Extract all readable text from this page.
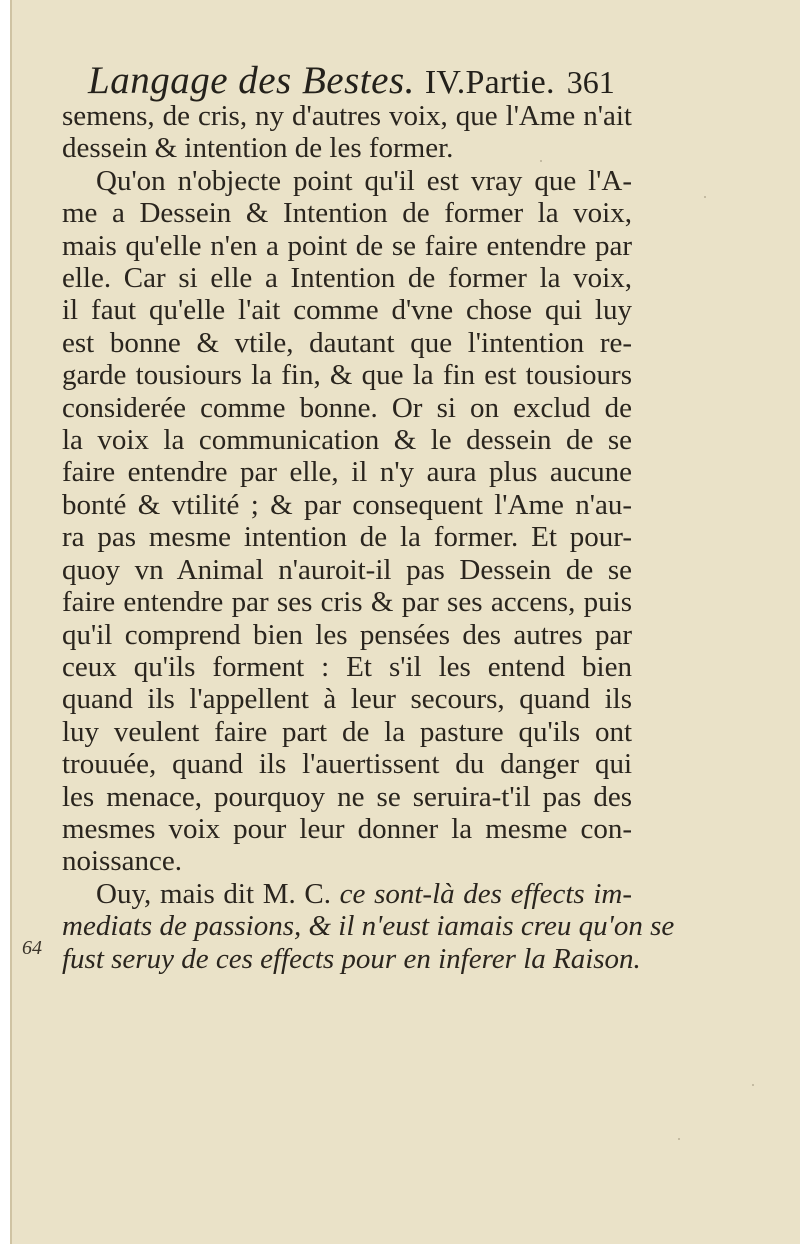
Langage des Bestes. IV.Partie. 361
64
semens, de cris, ny d'autres voix, que l'Ame n'ait
dessein & intention de les former.
Qu'on n'objecte point qu'il est vray que l'A-
me a Dessein & Intention de former la voix,
mais qu'elle n'en a point de se faire entendre par
elle. Car si elle a Intention de former la voix,
il faut qu'elle l'ait comme d'vne chose qui luy
est bonne & vtile, dautant que l'intention re-
garde tousiours la fin, & que la fin est tousiours
considerée comme bonne. Or si on exclud de
la voix la communication & le dessein de se
faire entendre par elle, il n'y aura plus aucune
bonté & vtilité ; & par consequent l'Ame n'au-
ra pas mesme intention de la former. Et pour-
quoy vn Animal n'auroit-il pas Dessein de se
faire entendre par ses cris & par ses accens, puis
qu'il comprend bien les pensées des autres par
ceux qu'ils forment : Et s'il les entend bien
quand ils l'appellent à leur secours, quand ils
luy veulent faire part de la pasture qu'ils ont
trouuée, quand ils l'auertissent du danger qui
les menace, pourquoy ne se seruira-t'il pas des
mesmes voix pour leur donner la mesme con-
noissance.
Ouy, mais dit M. C. ce sont-là des effects im-
mediats de passions, & il n'eust iamais creu qu'on se
fust seruy de ces effects pour en inferer la Raison.
